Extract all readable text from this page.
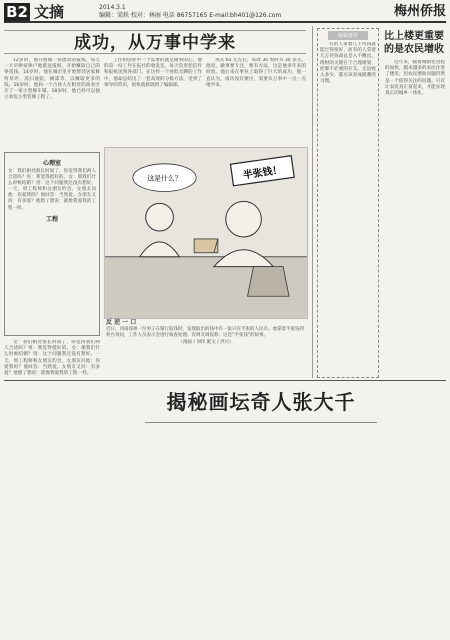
B2 文摘	2014.3.1
编辑：梁轶 校对：林丽 电话 86757165 E-mail:bh401@126.com	梅州侨报
成功，从万事中学来

12岁时，他开始做一份流动的报纸，每天一大早挨家挨户地派送报纸，开始赚取自己的零花钱。14岁时，他在城市里开始帮邻居家修剪草坪、清扫庭院、刷漆等，以赚取更多的钱。16岁时，他和一个合伙人在附近的商业区开了一家小型修车铺。18岁时，他已经可以独立承包小型装修工程了。

工作和创业中一个需要的就是做事的心。他的第一份工作在报社的收发室，每天负责把信件和报纸送到各部门。在这样一个看似无聊的工作中，他却总结出了一套高效的分拣方法，受到了领导的赏识，很快就被调到了编辑部。

英式 65 元左右，每周 30 周时为 30 多元。他说，做事要专注，要有方法，这是他多年来的经验。他后来在事业上取得了巨大的成功，他一直认为，成功没有捷径，需要从万事中一点一点地学来。

心理室
女：我们相处很长时间了，你觉得我们两人合适吗？男：我觉得挺好的。女：那我们什么时候结婚？男：这个问题我还没有想好。一天，周工程师和女朋友约会，女朋友问他：你爱我吗？他回答：当然爱。女朋友又问：有多爱？他想了想说：就像我爱我的工程一样。
工程
半张钱！
这是什么？
反 逆 一 口
近日，河南郑州一位男子在银行取钱时，发现取出的钱中有一张只有半张的人民币。他拿着半张钱到柜台询问，工作人员表示会进行核查处理。有网友调侃称：这是“半张钱”的故事。
（漫画 / 刘伟 配文 / 洪兴）

女：我们相处很长时间了，你觉得我们两人合适吗？男：我觉得挺好的。女：那我们什么时候结婚？男：这个问题我还没有想好。一天，周工程师和女朋友约会，女朋友问他：你爱我吗？他回答：当然爱。女朋友又问：有多爱？他想了想说：就像我爱我的工程一样。

编辑推荐

有的人拿着几千块钱就能过得很好，而有的人拿着几万块钱却总是入不敷出。理财的关键在于合理规划，控制不必要的开支。无论收入多少，都应该养成储蓄的习惯。

比上楼更重要的是农民增收

近年来，随着城镇化进程的加快，越来越多的农民住进了楼房，但农民增收问题仍然是一个值得关注的问题。只有让农民真正富起来，才能实现真正的城乡一体化。

揭秘画坛奇人张大千
